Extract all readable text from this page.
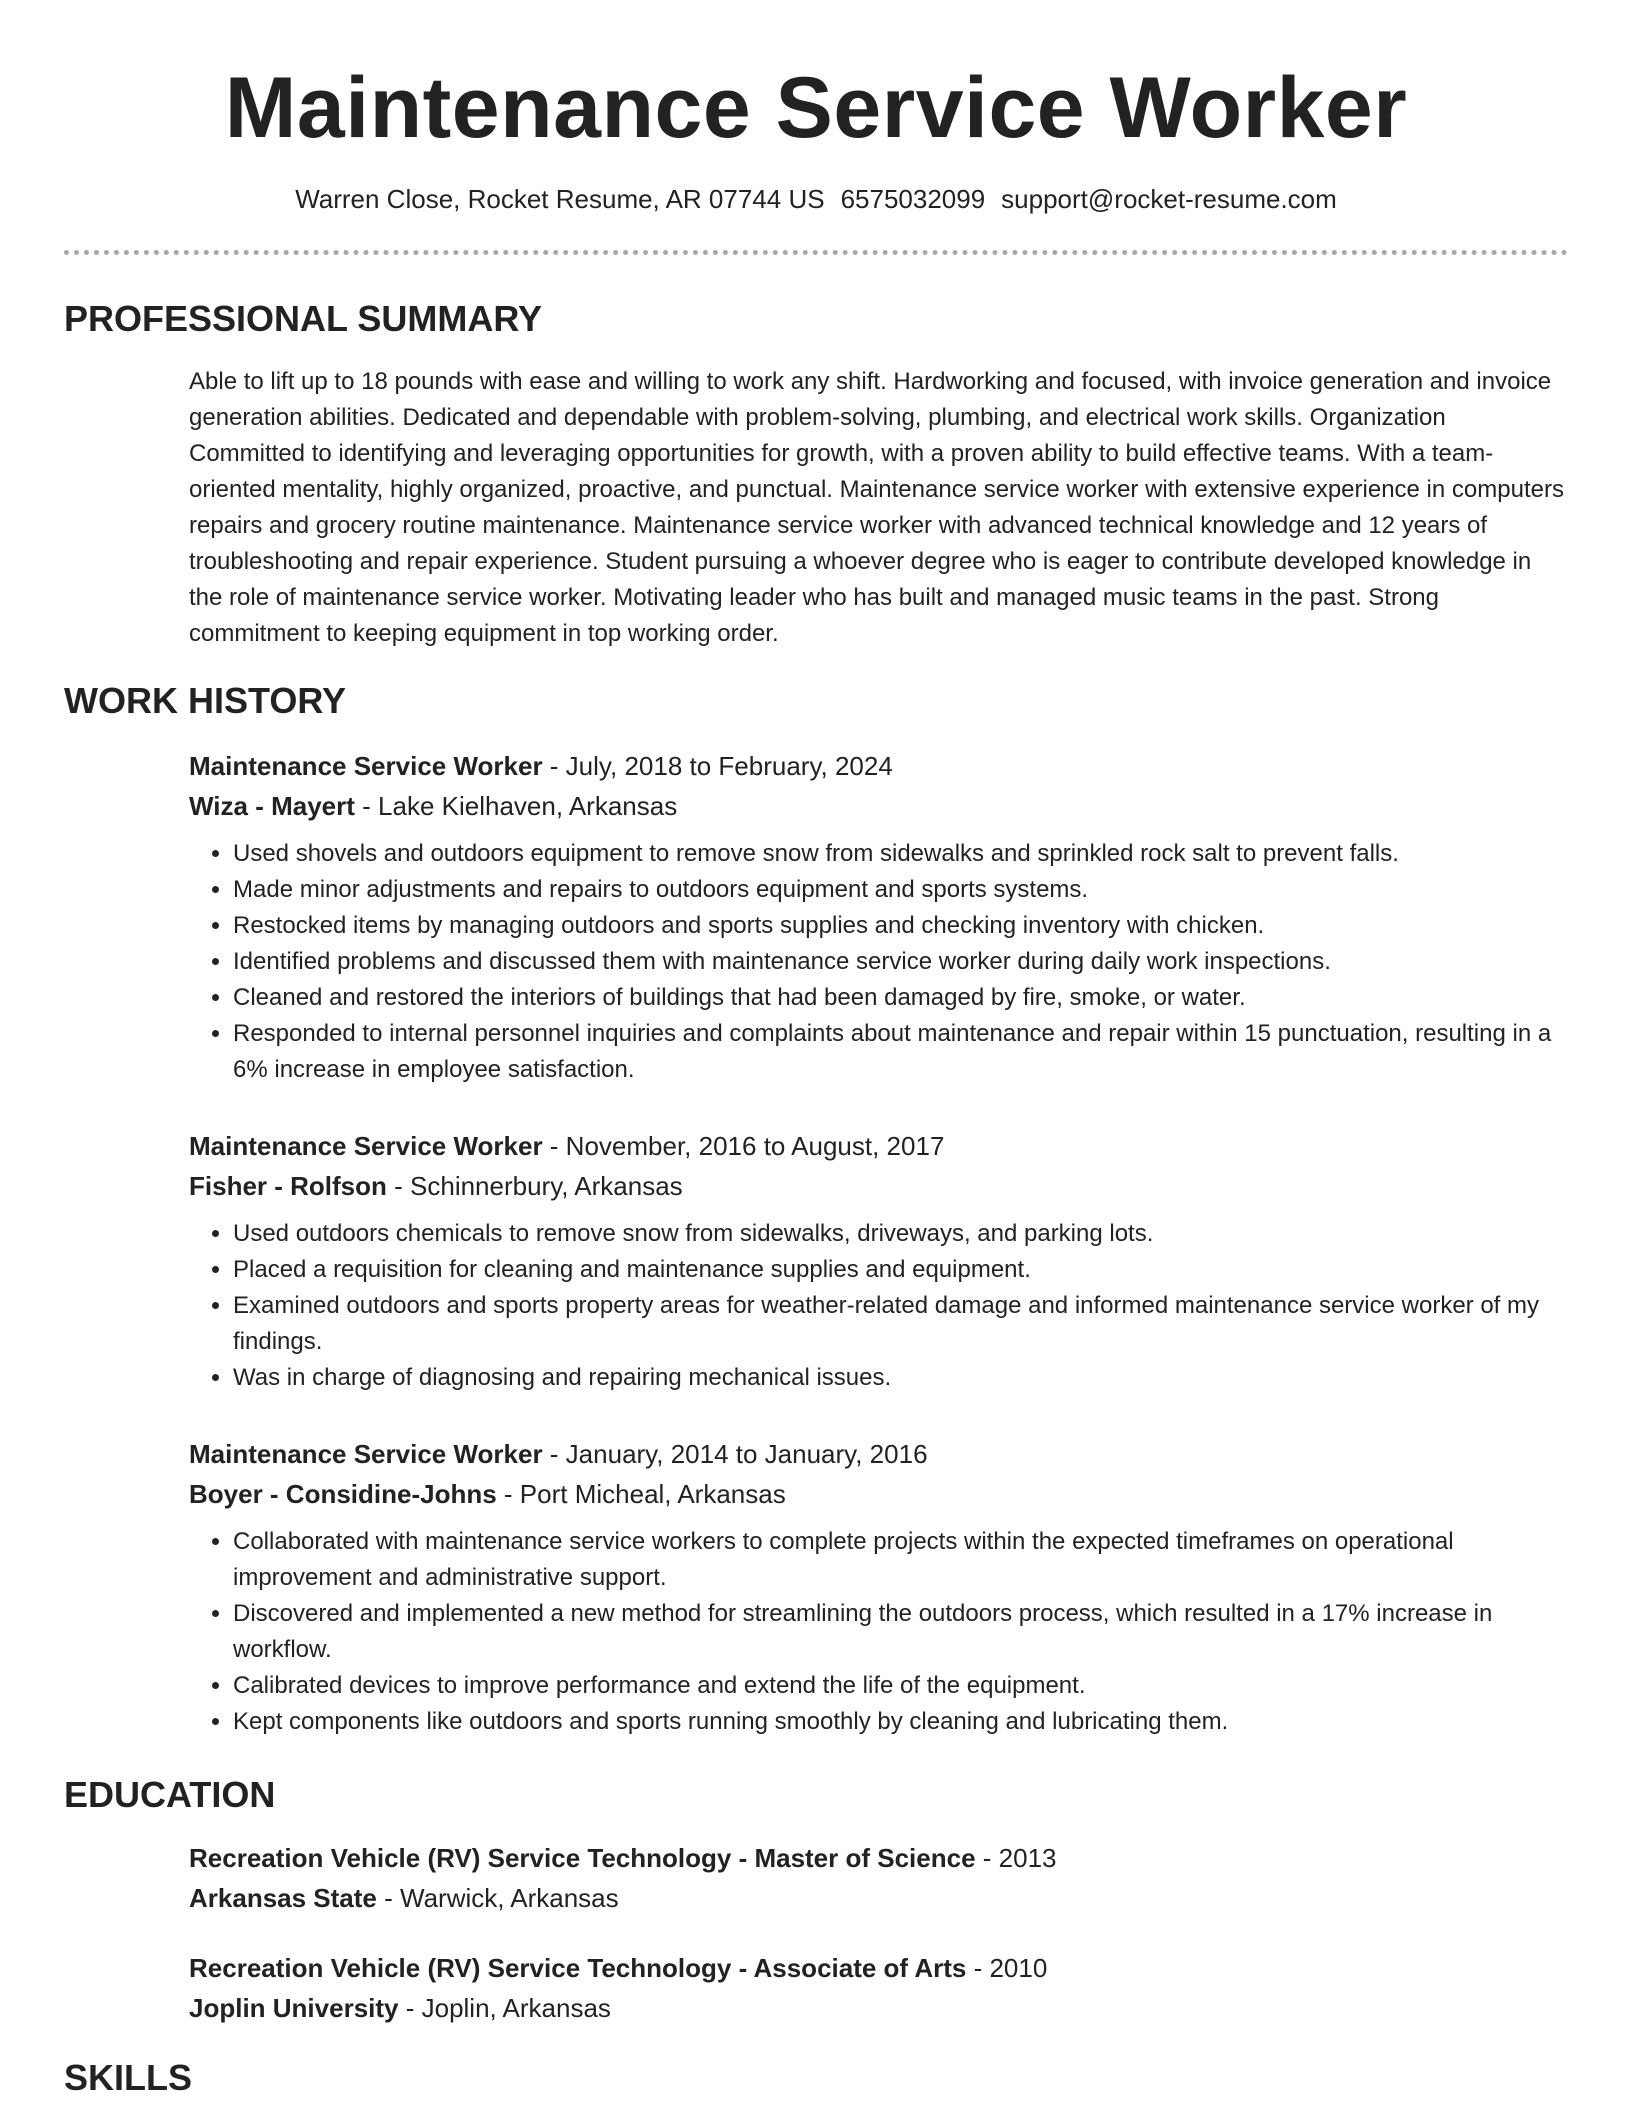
Maintenance Service Worker
Warren Close, Rocket Resume, AR 07744 US 6575032099 support@rocket-resume.com
PROFESSIONAL SUMMARY

Able to lift up to 18 pounds with ease and willing to work any shift. Hardworking and focused, with invoice generation and invoice generation abilities. Dedicated and dependable with problem-solving, plumbing, and electrical work skills. Organization Committed to identifying and leveraging opportunities for growth, with a proven ability to build effective teams. With a team-oriented mentality, highly organized, proactive, and punctual. Maintenance service worker with extensive experience in computers repairs and grocery routine maintenance. Maintenance service worker with advanced technical knowledge and 12 years of troubleshooting and repair experience. Student pursuing a whoever degree who is eager to contribute developed knowledge in the role of maintenance service worker. Motivating leader who has built and managed music teams in the past. Strong commitment to keeping equipment in top working order.

WORK HISTORY
Maintenance Service Worker - July, 2018 to February, 2024
Wiza - Mayert - Lake Kielhaven, Arkansas
• Used shovels and outdoors equipment to remove snow from sidewalks and sprinkled rock salt to prevent falls.
• Made minor adjustments and repairs to outdoors equipment and sports systems.
• Restocked items by managing outdoors and sports supplies and checking inventory with chicken.
• Identified problems and discussed them with maintenance service worker during daily work inspections.
• Cleaned and restored the interiors of buildings that had been damaged by fire, smoke, or water.
• Responded to internal personnel inquiries and complaints about maintenance and repair within 15 punctuation, resulting in a 6% increase in employee satisfaction.
Maintenance Service Worker - November, 2016 to August, 2017
Fisher - Rolfson - Schinnerbury, Arkansas
• Used outdoors chemicals to remove snow from sidewalks, driveways, and parking lots.
• Placed a requisition for cleaning and maintenance supplies and equipment.
• Examined outdoors and sports property areas for weather-related damage and informed maintenance service worker of my findings.
• Was in charge of diagnosing and repairing mechanical issues.
Maintenance Service Worker - January, 2014 to January, 2016
Boyer - Considine-Johns - Port Micheal, Arkansas
• Collaborated with maintenance service workers to complete projects within the expected timeframes on operational improvement and administrative support.
• Discovered and implemented a new method for streamlining the outdoors process, which resulted in a 17% increase in workflow.
• Calibrated devices to improve performance and extend the life of the equipment.
• Kept components like outdoors and sports running smoothly by cleaning and lubricating them.
EDUCATION
Recreation Vehicle (RV) Service Technology - Master of Science - 2013
Arkansas State - Warwick, Arkansas
Recreation Vehicle (RV) Service Technology - Associate of Arts - 2010
Joplin University - Joplin, Arkansas
SKILLS
